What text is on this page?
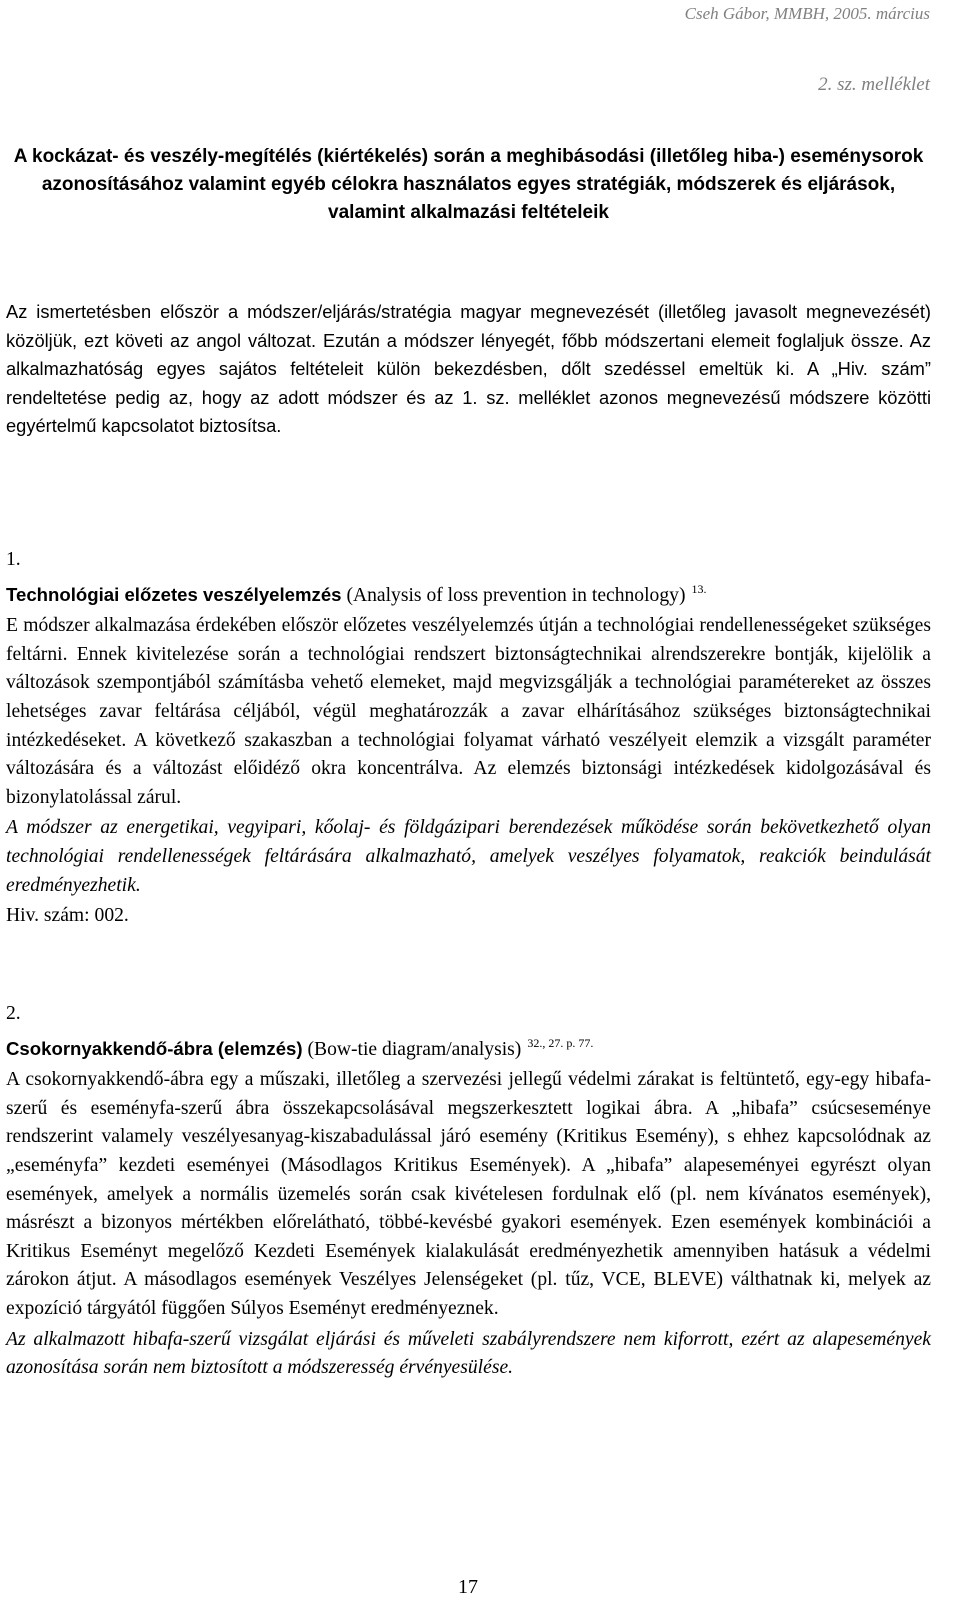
Cseh Gábor, MMBH, 2005. március
2. sz. melléklet
A kockázat- és veszély-megítélés (kiértékelés) során a meghibásodási (illetőleg hiba-) eseménysorok azonosításához valamint egyéb célokra használatos egyes stratégiák, módszerek és eljárások, valamint alkalmazási feltételeik
Az ismertetésben először a módszer/eljárás/stratégia magyar megnevezését (illetőleg javasolt megnevezését) közöljük, ezt követi az angol változat. Ezután a módszer lényegét, főbb módszertani elemeit foglaljuk össze. Az alkalmazhatóság egyes sajátos feltételeit külön bekezdésben, dőlt szedéssel emeltük ki. A „Hiv. szám” rendeltetése pedig az, hogy az adott módszer és az 1. sz. melléklet azonos megnevezésű módszere közötti egyértelmű kapcsolatot biztosítsa.

1.

Technológiai előzetes veszélyelemzés (Analysis of loss prevention in technology) $^{13.}$

E módszer alkalmazása érdekében először előzetes veszélyelemzés útján a technológiai rendellenességeket szükséges feltárni. Ennek kivitelezése során a technológiai rendszert biztonságtechnikai alrendszerekre bontják, kijelölik a változások szempontjából számításba vehető elemeket, majd megvizsgálják a technológiai paramétereket az összes lehetséges zavar feltárása céljából, végül meghatározzák a zavar elhárításához szükséges biztonságtechnikai intézkedéseket. A következő szakaszban a technológiai folyamat várható veszélyeit elemzik a vizsgált paraméter változására és a változást előidéző okra koncentrálva. Az elemzés biztonsági intézkedések kidolgozásával és bizonylatolással zárul.

A módszer az energetikai, vegyipari, kőolaj- és földgázipari berendezések működése során bekövetkezhető olyan technológiai rendellenességek feltárására alkalmazható, amelyek veszélyes folyamatok, reakciók beindulását eredményezhetik.

Hiv. szám: 002.

2.

Csokornyakkendő-ábra (elemzés) (Bow-tie diagram/analysis) $^{32., 27. p. 77.}$

A csokornyakkendő-ábra egy a műszaki, illetőleg a szervezési jellegű védelmi zárakat is feltüntető, egy-egy hibafa-szerű és eseményfa-szerű ábra összekapcsolásával megszerkesztett logikai ábra. A „hibafa” csúcseseménye rendszerint valamely veszélyesanyag-kiszabadulással járó esemény (Kritikus Esemény), s ehhez kapcsolódnak az „eseményfa” kezdeti eseményei (Másodlagos Kritikus Események). A „hibafa” alapeseményei egyrészt olyan események, amelyek a normális üzemelés során csak kivételesen fordulnak elő (pl. nem kívánatos események), másrészt a bizonyos mértékben előrelátható, többé-kevésbé gyakori események. Ezen események kombinációi a Kritikus Eseményt megelőző Kezdeti Események kialakulását eredményezhetik amennyiben hatásuk a védelmi zárokon átjut. A másodlagos események Veszélyes Jelenségeket (pl. tűz, VCE, BLEVE) válthatnak ki, melyek az expozíció tárgyától függően Súlyos Eseményt eredményeznek.

Az alkalmazott hibafa-szerű vizsgálat eljárási és műveleti szabályrendszere nem kiforrott, ezért az alapesemények azonosítása során nem biztosított a módszeresség érvényesülése.

17
